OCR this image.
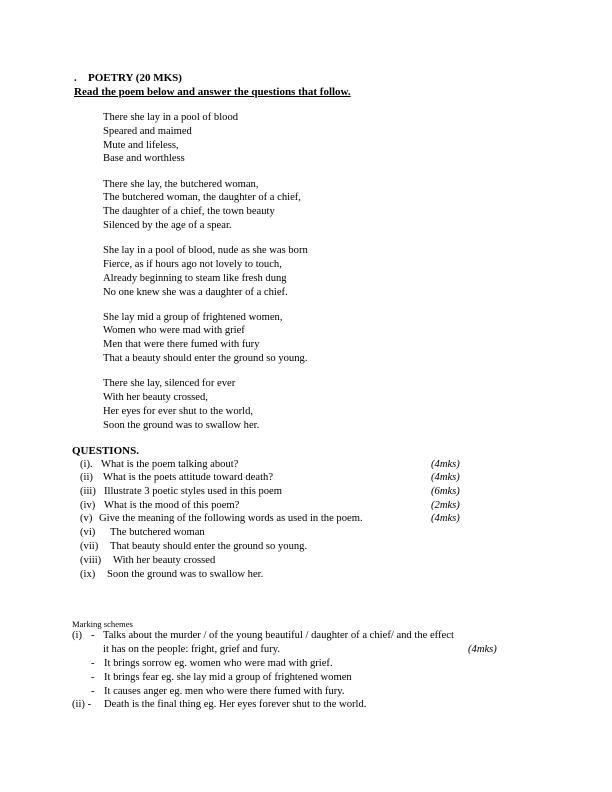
. POETRY (20 MKS)
Read the poem below and answer the questions that follow.
There she lay in a pool of blood
Speared and maimed
Mute and lifeless,
Base and worthless
There she lay, the butchered woman,
The butchered woman, the daughter of a chief,
The daughter of a chief, the town beauty
Silenced by the age of a spear.
She lay in a pool of blood, nude as she was born
Fierce, as if hours ago not lovely to touch,
Already beginning to steam like fresh dung
No one knew she was a daughter of a chief.
She lay mid a group of frightened women,
Women who were mad with grief
Men that were there fumed with fury
That a beauty should enter the ground so young.
There she lay, silenced for ever
With her beauty crossed,
Her eyes for ever shut to the world,
Soon the ground was to swallow her.
QUESTIONS.
(i). What is the poem talking about?	(4mks)
(ii) What is the poets attitude toward death?	(4mks)
(iii) Illustrate 3 poetic styles used in this poem	(6mks)
(iv) What is the mood of this poem?	(2mks)
(v) Give the meaning of the following words as used in the poem.	(4mks)
(vi) The butchered woman
(vii) That beauty should enter the ground so young.
(viii) With her beauty crossed
(ix) Soon the ground was to swallow her.
Marking schemes
(i) - Talks about the murder / of the young beautiful / daughter of a chief/ and the effect
it has on the people: fright, grief and fury.	(4mks)
- It brings sorrow eg. women who were mad with grief.
- It brings fear eg. she lay mid a group of frightened women
- It causes anger eg. men who were there fumed with fury.
(ii) - Death is the final thing eg. Her eyes forever shut to the world.
